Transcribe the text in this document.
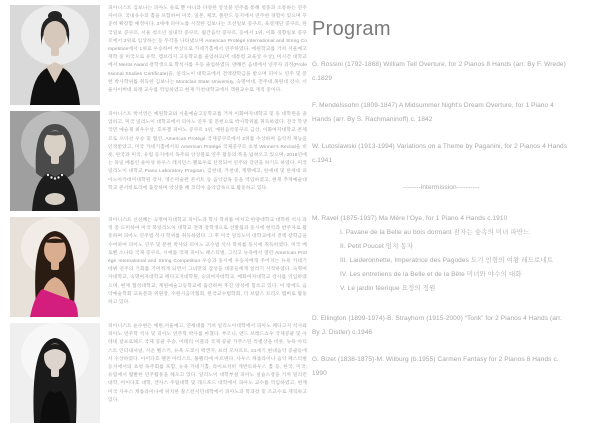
피아니스트 김보나는 피아노 솔로 뿐 아니라 다양한 앙상블 연주를 통해 청중과 소통하는 연주자이다. 국내유수의 홀을 포함하여 미국, 일본, 체코, 폴란드 등지에서 연주한 경험이 있으며 꾸준히 확장할 예정이다. 3세에 피아노를 시작한 김보나는 조선일보 콩쿠르, 육영재단 콩쿠르, 한국일보 콩쿠르, 서울 청소년 실내악 콩쿠르, 월간음악 콩쿠르, 등에서 1위, 이화 경향일보 콩쿠르에서 3위로 입상하는 등 두각을 나타냈으며 American Protégé International and String Competition에서 1위로 우승하여 부상으로 카네기홀에서 연주하였다. 예원학교를 거쳐 서울예고 재학 중 미국으로 유학, 캠브리지 고등학교를 졸업하고(미 대통령 교육상 수상), 미시간 대학교에서 Merits Award 장학생으로 학석사를 우등 졸업하였다. 맨해튼 음대에서 연주자 과정(Professional Studies Certificate)을, 일리노이 대학교에서 전액장학금을 받으며 피아노 연주 및 문헌 박사학위를 취득한 김보나는 Montclair State University, 숙명여대, 전주대,목원대 강사, 서울사이버대 외래 교수를 역임하였고 현재 가천대학교에서 객원교수로 재직 중이다.

피아니스트 박서영은 예원학교와 서울예술고등학교를 거쳐 이화여자대학교 및 동 대학원을 졸업하고, 미국 일리노이 대학교에서 피아노 연주 및 문헌으로 박사학위를 취득하였다. 전국 학생 국민 예술제 최우수상, 호루겔 피아노 콩쿠르 1위, 예원음악콩쿠르 금상, 이화여자대학교 콘체르토 오디션 우승 및 협연, American Protégé 국제콩쿠르에서 2위를 수상하며 음악적 재능을 인정받았고, 미국 카네기홀에서의 American Protégé 국제콩쿠르 초청 Winner's Recital을 비롯, 한국과 미국, 유럽 등지에서 독주와 앙상블로 연주 활동의 폭을 넓혀오고 있으며, 2018년에는 독일 베를린 운아성 하우스 레지던스 펠로우로 선정되어 연주와 강연을 하기도 하였다. 미국 일리노이 대학교 Piano Laboratory Program, 김천대, 가천대, 계명예고, 한세대 및 한세대 피아노아카데미대학원 강사, 영은미술관 콘서트 등 음악감독 등을 역임하였고, 현재 추계예술대학교 콘서바토리에 출강하며 앙상블 혜 코리아 음악감독으로 활동하고 있다.

피아니스트 신선혜는 숙명여자대학교 피아노과 학사 학위를 마치고 한양대학교 대학원 석사 과정 중 도미하여 미국 북일리노이 대학교 전액 장학생으로 선발됨과 동시에 현악과 반주자로 활동하며 피아노 연주법 석사 학위를 취득하였다. 그 후 미국 일리노이 대학교에서 전액 장학금을 수여하여 피아노 연주 및 문헌 박사와 피아노 교수법 석사 학위를 동시에 취득하였다. 미국 베토벤 소나타 국제 콩쿠르, 시애틀 국제 피아노 페스티벌, 그리고 뉴욕에서 열린 American Protégé International and String Competition 우승과 동시에 우승자에게 주어지는 뉴욕 카네기 데뷔 연주의 기회를 거머쥐게 되면서 그녀만의 감성을 대중들에게 알리기 시작하였다. 숙명여자대학교, 숙명여자대학교 페다고지대학원, 숭의여자대학교, 배화여자대학교 강사를 역임하였으며, 현재 협성대학교, 계원예술고등학교에 출강하며 후진 양성에 힘쓰고 있다. 이 밖에도 음악예술학회 교육분과 위원장, 수원시음악협회, 한국교수법학회, 더 브람스 트리오 멤버로 활동하고 있다.

피아니스트 윤수현은 예원,서울예고, 연세대를 거쳐 일리노이대학에서 피아노 페다고지 석사와 피아노 연주학 석사 및 피아노 연주학 박사를 마쳤다. 부조니, 앤드 브레드쇼우 국제콩쿨 및 아테네 갈프로헤드 국제 콩쿨 우승, 이태리 이블라 국제 콩쿨 카푸스틴 특별상을 비롯, 뉴욕 아티스트 인터내셔널, 시온 벨스키, 뉴욕 도쿄시 맥켄지, 프리 모차르트, 21세기 현대음악 콩쿨등에서 수상하였다. 아이다호 팰콘 아티스트, 몽펠리에 아르텐다, 사우스 캐롤라이나 음악 페스티벌 등지에서의 초청 독주회를 포함, 뉴욕 카네기홀, 라이프치히 게반트하우스 홀 등, 한국, 미국, 유럽에서 활발한 연주활동을 해오고 있다. 일리노이 대학부설 피아노 실습소장을 거쳐 밀리킨대학, 아이다호 대학, 캔자스 주립대학 및 래드포드 대학에서 피아노 교수를 역임하였고, 현재 미국 사우스 캐롤라이나에 위치한 찰스턴서던대학에서 피아노과 학과장 및 조교수로 재직하고 있다.

Program

G. Rossini (1792-1868) William Tell Overture, for 2 Pianos 8 Hands (arr. By F. Wrede) c.1829

F. Mendelssohn (1809-1847) A Midsummer Night's Dream Overture, for 1 Piano 4 Hands (arr. By S. Rachmaninoff) c. 1842

W. Lutoslawski (1913-1994) Variations on a Theme by Paganini, for 2 Pianos 4 Hands c.1941

--------intermission----------

M. Ravel (1875-1937) Ma Mère l'Oye, for 1 Piano 4 Hands c.1910

I. Pavane de la Belle au bois dormant 잠자는 숲속의 미녀 파반느

II. Petit Poucet 엄지 동자

III. Laideronnette, Imperatrice des Pagodes 도기 인형의 여왕 레드로네트

IV. Les entretiens de la Belle et de la Bête 미녀와 야수의 대화

V. Le jardin féerique 요정의 정원

D. Ellington (1899-1974)-B. Strayhorn (1915-2000) “Tonk” for 2 Pianos 4 Hands (arr. By J. Distler) c.1946

G. Bizet (1838-1875)-M. Wilburg (b.1955) Carmen Fantasy for 2 Pianos 8 Hands c. 1990
